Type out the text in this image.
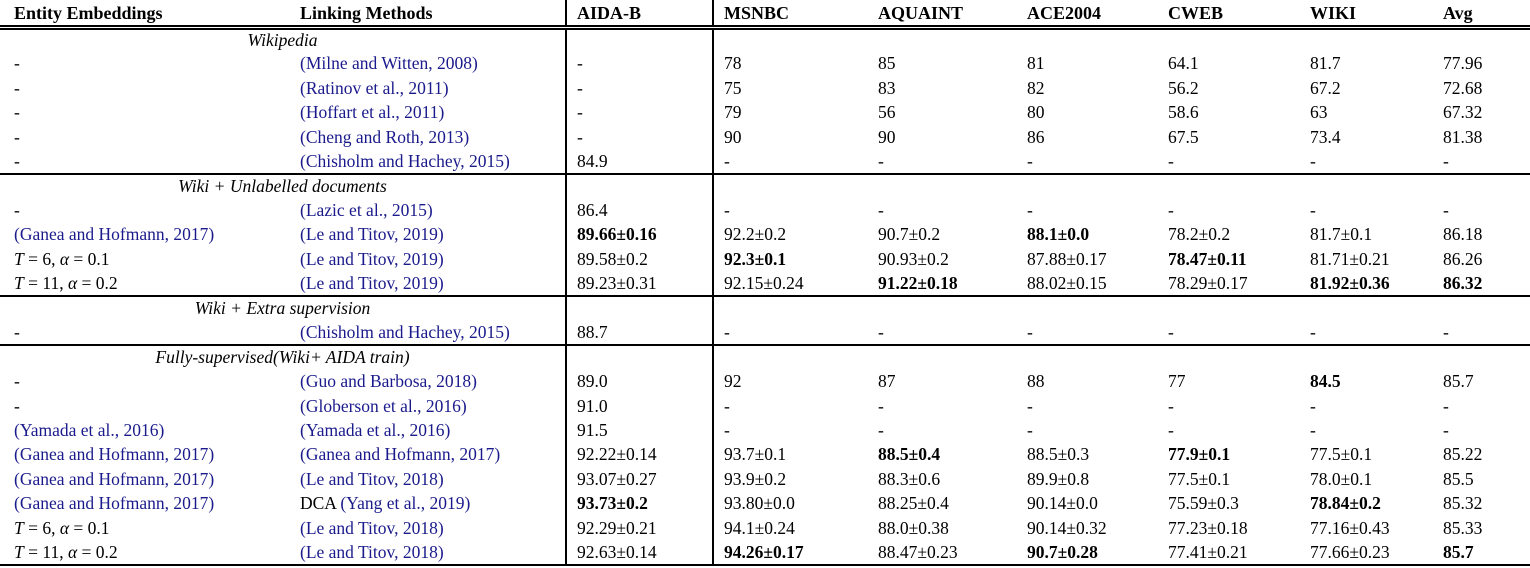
Entity Embeddings	Linking Methods	AIDA-B	MSNBC	AQUAINT	ACE2004	CWEB	WIKI	Avg
Wikipedia								
-	(Milne and Witten, 2008)	-	78	85	81	64.1	81.7	77.96
-	(Ratinov et al., 2011)	-	75	83	82	56.2	67.2	72.68
-	(Hoffart et al., 2011)	-	79	56	80	58.6	63	67.32
-	(Cheng and Roth, 2013)	-	90	90	86	67.5	73.4	81.38
-	(Chisholm and Hachey, 2015)	84.9	-	-	-	-	-	-
Wiki + Unlabelled documents								
-	(Lazic et al., 2015)	86.4	-	-	-	-	-	-
(Ganea and Hofmann, 2017)	(Le and Titov, 2019)	89.66±0.16	92.2±0.2	90.7±0.2	88.1±0.0	78.2±0.2	81.7±0.1	86.18
T = 6, α = 0.1	(Le and Titov, 2019)	89.58±0.2	92.3±0.1	90.93±0.2	87.88±0.17	78.47±0.11	81.71±0.21	86.26
T = 11, α = 0.2	(Le and Titov, 2019)	89.23±0.31	92.15±0.24	91.22±0.18	88.02±0.15	78.29±0.17	81.92±0.36	86.32
Wiki + Extra supervision								
-	(Chisholm and Hachey, 2015)	88.7	-	-	-	-	-	-
Fully-supervised(Wiki+ AIDA train)								
-	(Guo and Barbosa, 2018)	89.0	92	87	88	77	84.5	85.7
-	(Globerson et al., 2016)	91.0	-	-	-	-	-	-
(Yamada et al., 2016)	(Yamada et al., 2016)	91.5	-	-	-	-	-	-
(Ganea and Hofmann, 2017)	(Ganea and Hofmann, 2017)	92.22±0.14	93.7±0.1	88.5±0.4	88.5±0.3	77.9±0.1	77.5±0.1	85.22
(Ganea and Hofmann, 2017)	(Le and Titov, 2018)	93.07±0.27	93.9±0.2	88.3±0.6	89.9±0.8	77.5±0.1	78.0±0.1	85.5
(Ganea and Hofmann, 2017)	DCA (Yang et al., 2019)	93.73±0.2	93.80±0.0	88.25±0.4	90.14±0.0	75.59±0.3	78.84±0.2	85.32
T = 6, α = 0.1	(Le and Titov, 2018)	92.29±0.21	94.1±0.24	88.0±0.38	90.14±0.32	77.23±0.18	77.16±0.43	85.33
T = 11, α = 0.2	(Le and Titov, 2018)	92.63±0.14	94.26±0.17	88.47±0.23	90.7±0.28	77.41±0.21	77.66±0.23	85.7
